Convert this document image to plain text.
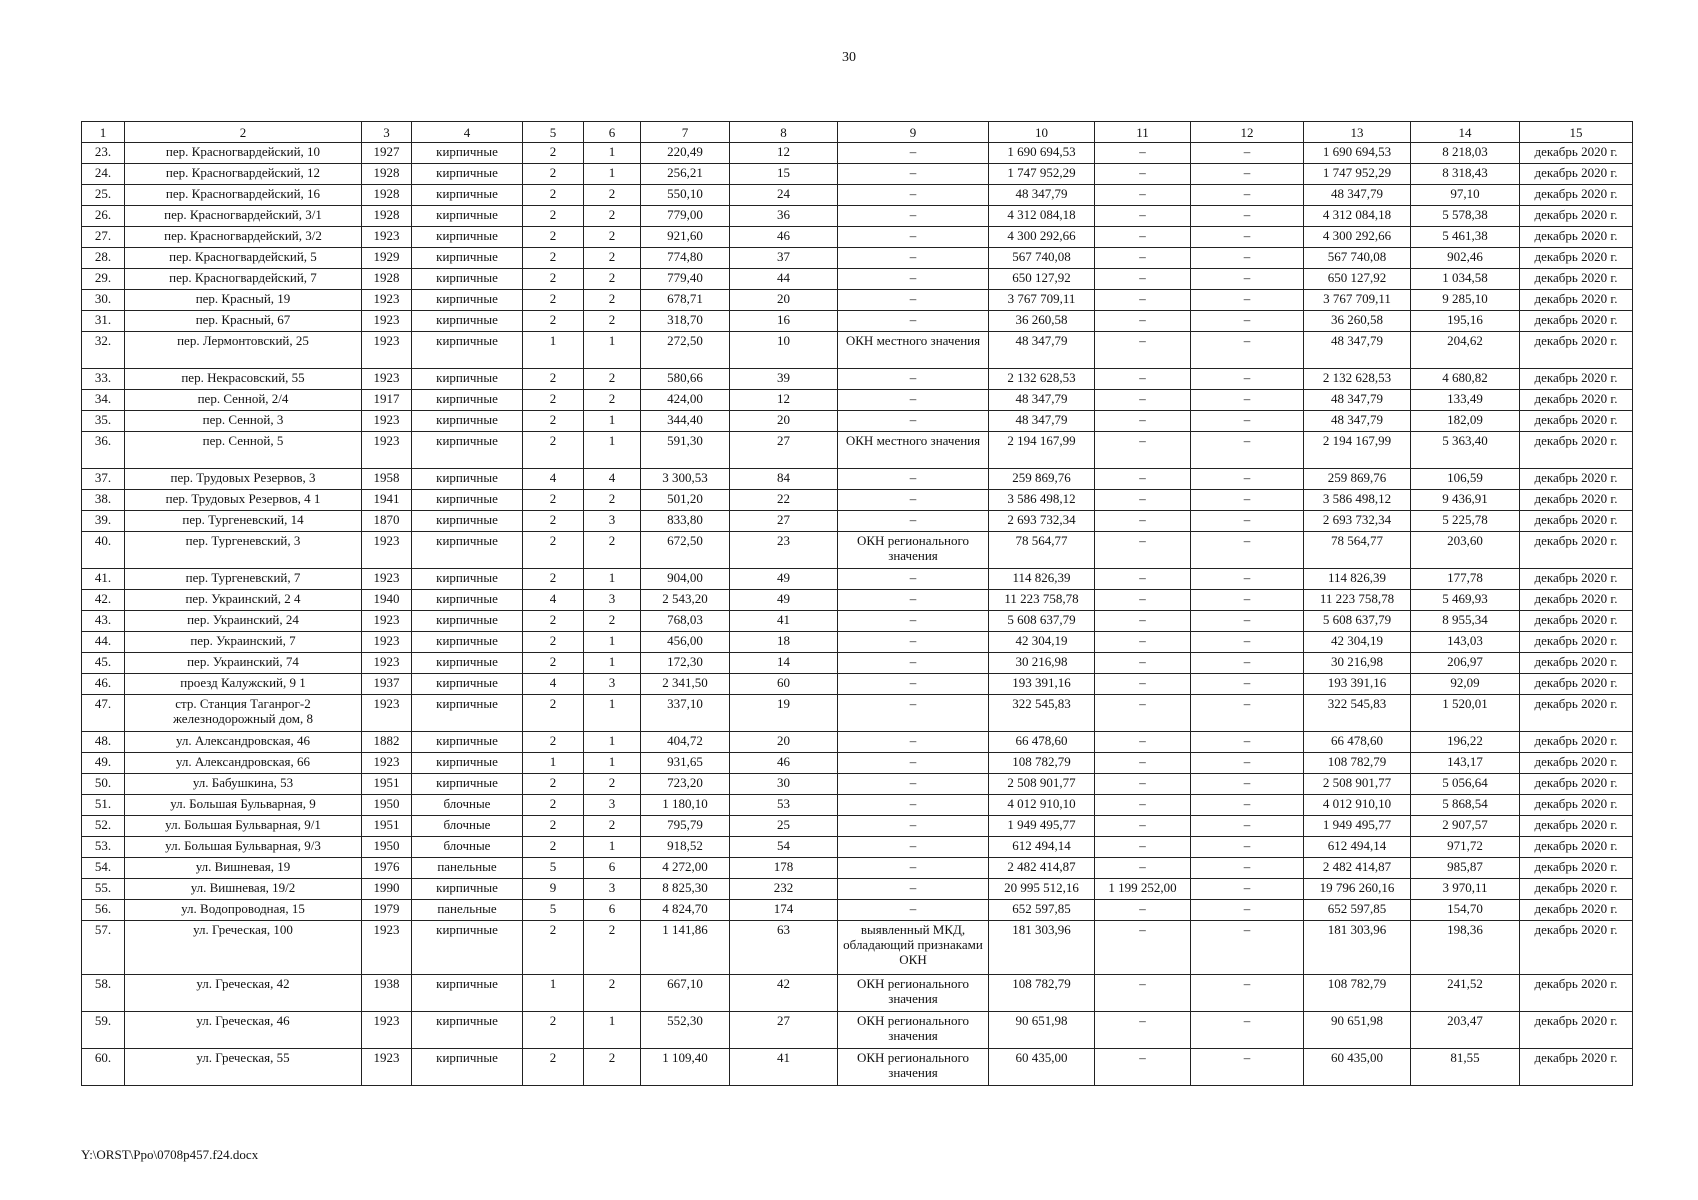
30
1	2	3	4	5	6	7	8	9	10	11	12	13	14	15
23.	пер. Красногвардейский, 10	1927	кирпичные	2	1	220,49	12	–	1 690 694,53	–	–	1 690 694,53	8 218,03	декабрь 2020 г.
24.	пер. Красногвардейский, 12	1928	кирпичные	2	1	256,21	15	–	1 747 952,29	–	–	1 747 952,29	8 318,43	декабрь 2020 г.
25.	пер. Красногвардейский, 16	1928	кирпичные	2	2	550,10	24	–	48 347,79	–	–	48 347,79	97,10	декабрь 2020 г.
26.	пер. Красногвардейский, 3/1	1928	кирпичные	2	2	779,00	36	–	4 312 084,18	–	–	4 312 084,18	5 578,38	декабрь 2020 г.
27.	пер. Красногвардейский, 3/2	1923	кирпичные	2	2	921,60	46	–	4 300 292,66	–	–	4 300 292,66	5 461,38	декабрь 2020 г.
28.	пер. Красногвардейский, 5	1929	кирпичные	2	2	774,80	37	–	567 740,08	–	–	567 740,08	902,46	декабрь 2020 г.
29.	пер. Красногвардейский, 7	1928	кирпичные	2	2	779,40	44	–	650 127,92	–	–	650 127,92	1 034,58	декабрь 2020 г.
30.	пер. Красный, 19	1923	кирпичные	2	2	678,71	20	–	3 767 709,11	–	–	3 767 709,11	9 285,10	декабрь 2020 г.
31.	пер. Красный, 67	1923	кирпичные	2	2	318,70	16	–	36 260,58	–	–	36 260,58	195,16	декабрь 2020 г.
32.	пер. Лермонтовский, 25	1923	кирпичные	1	1	272,50	10	ОКН местного значения	48 347,79	–	–	48 347,79	204,62	декабрь 2020 г.
33.	пер. Некрасовский, 55	1923	кирпичные	2	2	580,66	39	–	2 132 628,53	–	–	2 132 628,53	4 680,82	декабрь 2020 г.
34.	пер. Сенной, 2/4	1917	кирпичные	2	2	424,00	12	–	48 347,79	–	–	48 347,79	133,49	декабрь 2020 г.
35.	пер. Сенной, 3	1923	кирпичные	2	1	344,40	20	–	48 347,79	–	–	48 347,79	182,09	декабрь 2020 г.
36.	пер. Сенной, 5	1923	кирпичные	2	1	591,30	27	ОКН местного значения	2 194 167,99	–	–	2 194 167,99	5 363,40	декабрь 2020 г.
37.	пер. Трудовых Резервов, 3	1958	кирпичные	4	4	3 300,53	84	–	259 869,76	–	–	259 869,76	106,59	декабрь 2020 г.
38.	пер. Трудовых Резервов, 4 1	1941	кирпичные	2	2	501,20	22	–	3 586 498,12	–	–	3 586 498,12	9 436,91	декабрь 2020 г.
39.	пер. Тургеневский, 14	1870	кирпичные	2	3	833,80	27	–	2 693 732,34	–	–	2 693 732,34	5 225,78	декабрь 2020 г.
40.	пер. Тургеневский, 3	1923	кирпичные	2	2	672,50	23	ОКН регионального значения	78 564,77	–	–	78 564,77	203,60	декабрь 2020 г.
41.	пер. Тургеневский, 7	1923	кирпичные	2	1	904,00	49	–	114 826,39	–	–	114 826,39	177,78	декабрь 2020 г.
42.	пер. Украинский, 2 4	1940	кирпичные	4	3	2 543,20	49	–	11 223 758,78	–	–	11 223 758,78	5 469,93	декабрь 2020 г.
43.	пер. Украинский, 24	1923	кирпичные	2	2	768,03	41	–	5 608 637,79	–	–	5 608 637,79	8 955,34	декабрь 2020 г.
44.	пер. Украинский, 7	1923	кирпичные	2	1	456,00	18	–	42 304,19	–	–	42 304,19	143,03	декабрь 2020 г.
45.	пер. Украинский, 74	1923	кирпичные	2	1	172,30	14	–	30 216,98	–	–	30 216,98	206,97	декабрь 2020 г.
46.	проезд Калужский, 9 1	1937	кирпичные	4	3	2 341,50	60	–	193 391,16	–	–	193 391,16	92,09	декабрь 2020 г.
47.	стр. Станция Таганрог-2 железнодорожный дом, 8	1923	кирпичные	2	1	337,10	19	–	322 545,83	–	–	322 545,83	1 520,01	декабрь 2020 г.
48.	ул. Александровская, 46	1882	кирпичные	2	1	404,72	20	–	66 478,60	–	–	66 478,60	196,22	декабрь 2020 г.
49.	ул. Александровская, 66	1923	кирпичные	1	1	931,65	46	–	108 782,79	–	–	108 782,79	143,17	декабрь 2020 г.
50.	ул. Бабушкина, 53	1951	кирпичные	2	2	723,20	30	–	2 508 901,77	–	–	2 508 901,77	5 056,64	декабрь 2020 г.
51.	ул. Большая Бульварная, 9	1950	блочные	2	3	1 180,10	53	–	4 012 910,10	–	–	4 012 910,10	5 868,54	декабрь 2020 г.
52.	ул. Большая Бульварная, 9/1	1951	блочные	2	2	795,79	25	–	1 949 495,77	–	–	1 949 495,77	2 907,57	декабрь 2020 г.
53.	ул. Большая Бульварная, 9/3	1950	блочные	2	1	918,52	54	–	612 494,14	–	–	612 494,14	971,72	декабрь 2020 г.
54.	ул. Вишневая, 19	1976	панельные	5	6	4 272,00	178	–	2 482 414,87	–	–	2 482 414,87	985,87	декабрь 2020 г.
55.	ул. Вишневая, 19/2	1990	кирпичные	9	3	8 825,30	232	–	20 995 512,16	1 199 252,00	–	19 796 260,16	3 970,11	декабрь 2020 г.
56.	ул. Водопроводная, 15	1979	панельные	5	6	4 824,70	174	–	652 597,85	–	–	652 597,85	154,70	декабрь 2020 г.
57.	ул. Греческая, 100	1923	кирпичные	2	2	1 141,86	63	выявленный МКД, обладающий признаками ОКН	181 303,96	–	–	181 303,96	198,36	декабрь 2020 г.
58.	ул. Греческая, 42	1938	кирпичные	1	2	667,10	42	ОКН регионального значения	108 782,79	–	–	108 782,79	241,52	декабрь 2020 г.
59.	ул. Греческая, 46	1923	кирпичные	2	1	552,30	27	ОКН регионального значения	90 651,98	–	–	90 651,98	203,47	декабрь 2020 г.
60.	ул. Греческая, 55	1923	кирпичные	2	2	1 109,40	41	ОКН регионального значения	60 435,00	–	–	60 435,00	81,55	декабрь 2020 г.
Y:\ORST\Ppo\0708p457.f24.docx
